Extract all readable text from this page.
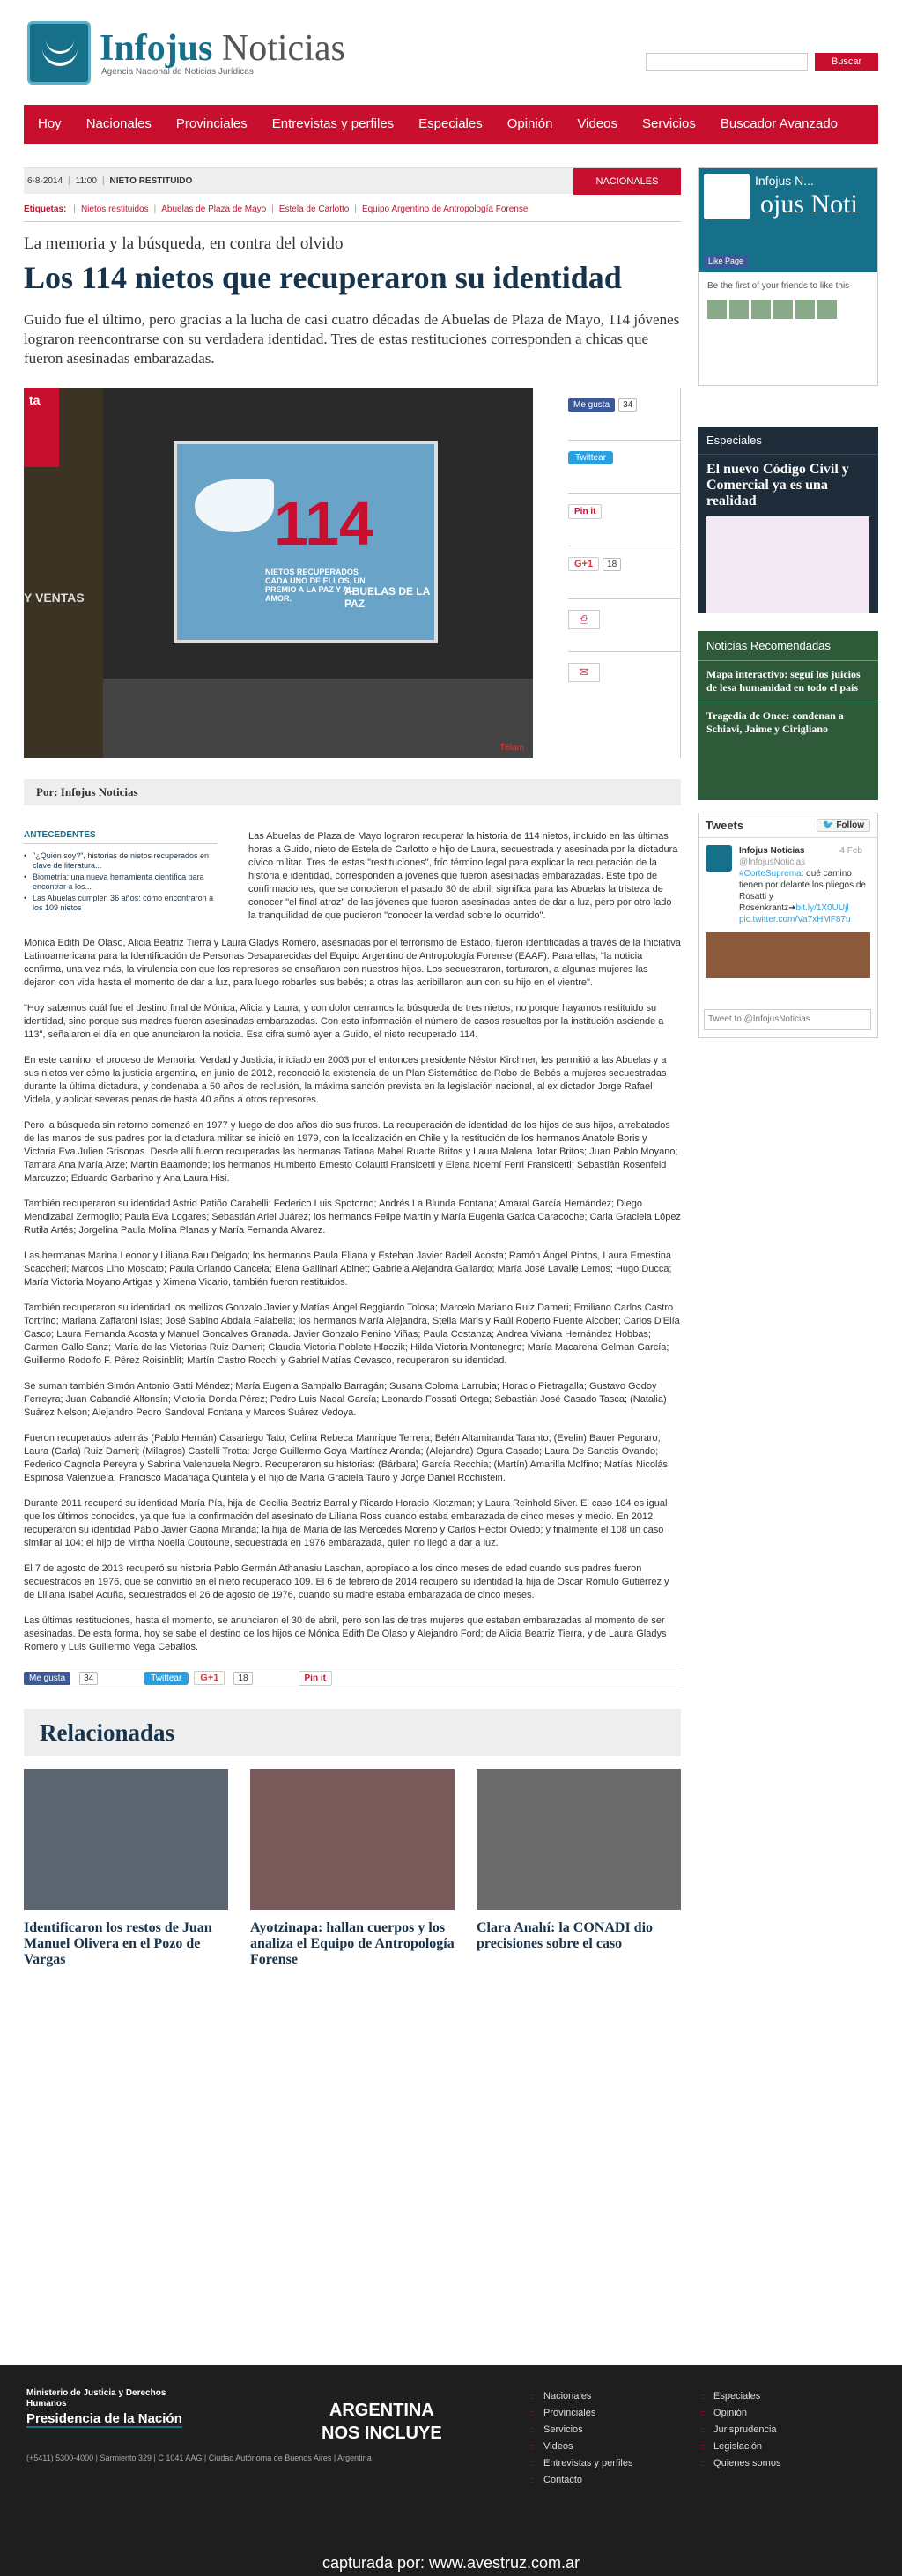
Infojus Noticias
Agencia Nacional de Noticias Jurídicas
Buscar
Hoy	Nacionales	Provinciales	Entrevistas y perfiles	Especiales	Opinión	Videos	Servicios	Buscador Avanzado
6-8-2014 | 11:00 | NIETO RESTITUIDO	NACIONALES
Etiquetas: | Nietos restituidos | Abuelas de Plaza de Mayo | Estela de Carlotto | Equipo Argentino de Antropología Forense
La memoria y la búsqueda, en contra del olvido
Los 114 nietos que recuperaron su identidad
Guido fue el último, pero gracias a la lucha de casi cuatro décadas de Abuelas de Plaza de Mayo, 114 jóvenes lograron reencontrarse con su verdadera identidad. Tres de estas restituciones corresponden a chicas que fueron asesinadas embarazadas.
ta
Y VENTAS
114
NIETOS RECUPERADOS CADA UNO DE ELLOS, UN PREMIO A LA PAZ Y AL AMOR.
ABUELAS DE LA PAZ
Télam
Me gusta 34
Twittear
Pin it
G+1 18
⎙
✉
Por: Infojus Noticias
ANTECEDENTES
• "¿Quién soy?", historias de nietos recuperados en clave de literatura...
• Biometría: una nueva herramienta científica para encontrar a los...
• Las Abuelas cumplen 36 años: cómo encontraron a los 109 nietos
Las Abuelas de Plaza de Mayo lograron recuperar la historia de 114 nietos, incluido en las últimas horas a Guido, nieto de Estela de Carlotto e hijo de Laura, secuestrada y asesinada por la dictadura cívico militar. Tres de estas "restituciones", frío término legal para explicar la recuperación de la historia e identidad, corresponden a jóvenes que fueron asesinadas embarazadas. Este tipo de confirmaciones, que se conocieron el pasado 30 de abril, significa para las Abuelas la tristeza de conocer "el final atroz" de las jóvenes que fueron asesinadas antes de dar a luz, pero por otro lado la tranquilidad de que pudieron "conocer la verdad sobre lo ocurrido".

Mónica Edith De Olaso, Alicia Beatriz Tierra y Laura Gladys Romero, asesinadas por el terrorismo de Estado, fueron identificadas a través de la Iniciativa Latinoamericana para la Identificación de Personas Desaparecidas del Equipo Argentino de Antropología Forense (EAAF). Para ellas, "la noticia confirma, una vez más, la virulencia con que los represores se ensañaron con nuestros hijos. Los secuestraron, torturaron, a algunas mujeres las dejaron con vida hasta el momento de dar a luz, para luego robarles sus bebés; a otras las acribillaron aun con su hijo en el vientre".

"Hoy sabemos cuál fue el destino final de Mónica, Alicia y Laura, y con dolor cerramos la búsqueda de tres nietos, no porque hayamos restituido su identidad, sino porque sus madres fueron asesinadas embarazadas. Con esta información el número de casos resueltos por la institución asciende a 113", señalaron el día en que anunciaron la noticia. Esa cifra sumó ayer a Guido, el nieto recuperado 114.

En este camino, el proceso de Memoria, Verdad y Justicia, iniciado en 2003 por el entonces presidente Néstor Kirchner, les permitió a las Abuelas y a sus nietos ver cómo la justicia argentina, en junio de 2012, reconoció la existencia de un Plan Sistemático de Robo de Bebés a mujeres secuestradas durante la última dictadura, y condenaba a 50 años de reclusión, la máxima sanción prevista en la legislación nacional, al ex dictador Jorge Rafael Videla, y aplicar severas penas de hasta 40 años a otros represores.

Pero la búsqueda sin retorno comenzó en 1977 y luego de dos años dio sus frutos. La recuperación de identidad de los hijos de sus hijos, arrebatados de las manos de sus padres por la dictadura militar se inició en 1979, con la localización en Chile y la restitución de los hermanos Anatole Boris y Victoria Eva Julien Grisonas. Desde allí fueron recuperadas las hermanas Tatiana Mabel Ruarte Britos y Laura Malena Jotar Britos; Juan Pablo Moyano; Tamara Ana María Arze; Martín Baamonde; los hermanos Humberto Ernesto Colautti Fransicetti y Elena Noemí Ferri Fransicetti; Sebastián Rosenfeld Marcuzzo; Eduardo Garbarino y Ana Laura Hisi.

También recuperaron su identidad Astrid Patiño Carabelli; Federico Luis Spotorno; Andrés La Blunda Fontana; Amaral García Hernández; Diego Mendizabal Zermoglio; Paula Eva Logares; Sebastián Ariel Juárez; los hermanos Felipe Martín y María Eugenia Gatica Caracoche; Carla Graciela López Rutila Artés; Jorgelina Paula Molina Planas y María Fernanda Alvarez.

Las hermanas Marina Leonor y Liliana Bau Delgado; los hermanos Paula Eliana y Esteban Javier Badell Acosta; Ramón Ángel Pintos, Laura Ernestina Scaccheri; Marcos Lino Moscato; Paula Orlando Cancela; Elena Gallinari Abinet; Gabriela Alejandra Gallardo; María José Lavalle Lemos; Hugo Ducca; María Victoria Moyano Artigas y Ximena Vicario, también fueron restituidos.

También recuperaron su identidad los mellizos Gonzalo Javier y Matías Ángel Reggiardo Tolosa; Marcelo Mariano Ruiz Dameri; Emiliano Carlos Castro Tortrino; Mariana Zaffaroni Islas; José Sabino Abdala Falabella; los hermanos María Alejandra, Stella Maris y Raúl Roberto Fuente Alcober; Carlos D'Elía Casco; Laura Fernanda Acosta y Manuel Goncalves Granada. Javier Gonzalo Penino Viñas; Paula Costanza; Andrea Viviana Hernández Hobbas; Carmen Gallo Sanz; María de las Victorias Ruiz Dameri; Claudia Victoria Poblete Hlaczik; Hilda Victoria Montenegro; María Macarena Gelman García; Guillermo Rodolfo F. Pérez Roisinblit; Martín Castro Rocchi y Gabriel Matías Cevasco, recuperaron su identidad.

Se suman también Simón Antonio Gatti Méndez; María Eugenia Sampallo Barragán; Susana Coloma Larrubia; Horacio Pietragalla; Gustavo Godoy Ferreyra; Juan Cabandié Alfonsín; Victoria Donda Pérez; Pedro Luis Nadal García; Leonardo Fossati Ortega; Sebastián José Casado Tasca; (Natalia) Suárez Nelson; Alejandro Pedro Sandoval Fontana y Marcos Suárez Vedoya.

Fueron recuperados además (Pablo Hernán) Casariego Tato; Celina Rebeca Manrique Terrera; Belén Altamiranda Taranto; (Evelin) Bauer Pegoraro; Laura (Carla) Ruiz Dameri; (Milagros) Castelli Trotta: Jorge Guillermo Goya Martínez Aranda; (Alejandra) Ogura Casado; Laura De Sanctis Ovando; Federico Cagnola Pereyra y Sabrina Valenzuela Negro. Recuperaron su historias: (Bárbara) García Recchia; (Martín) Amarilla Molfino; Matías Nicolás Espinosa Valenzuela; Francisco Madariaga Quintela y el hijo de María Graciela Tauro y Jorge Daniel Rochistein.

Durante 2011 recuperó su identidad María Pía, hija de Cecilia Beatriz Barral y Ricardo Horacio Klotzman; y Laura Reinhold Siver. El caso 104 es igual que los últimos conocidos, ya que fue la confirmación del asesinato de Liliana Ross cuando estaba embarazada de cinco meses y medio. En 2012 recuperaron su identidad Pablo Javier Gaona Miranda; la hija de María de las Mercedes Moreno y Carlos Héctor Oviedo; y finalmente el 108 un caso similar al 104: el hijo de Mirtha Noelia Coutoune, secuestrada en 1976 embarazada, quien no llegó a dar a luz.

El 7 de agosto de 2013 recuperó su historia Pablo Germán Athanasiu Laschan, apropiado a los cinco meses de edad cuando sus padres fueron secuestrados en 1976, que se convirtió en el nieto recuperado 109. El 6 de febrero de 2014 recuperó su identidad la hija de Oscar Rómulo Gutiérrez y de Liliana Isabel Acuña, secuestrados el 26 de agosto de 1976, cuando su madre estaba embarazada de cinco meses.

Las últimas restituciones, hasta el momento, se anunciaron el 30 de abril, pero son las de tres mujeres que estaban embarazadas al momento de ser asesinadas. De esta forma, hoy se sabe el destino de los hijos de Mónica Edith De Olaso y Alejandro Ford; de Alicia Beatriz Tierra, y de Laura Gladys Romero y Luis Guillermo Vega Ceballos.

Me gusta	34	Twittear	G+1	18	Pin it
Relacionadas
Identificaron los restos de Juan Manuel Olivera en el Pozo de Vargas
Ayotzinapa: hallan cuerpos y los analiza el Equipo de Antropología Forense
Clara Anahí: la CONADI dio precisiones sobre el caso
Infojus N...
ojus Noti
Like Page
Be the first of your friends to like this
Especiales
El nuevo Código Civil y Comercial ya es una realidad
Noticias Recomendadas
Mapa interactivo: seguí los juicios de lesa humanidad en todo el país
Tragedia de Once: condenan a Schiavi, Jaime y Cirigliano
Tweets	🐦 Follow
Infojus Noticias	4 Feb
@InfojusNoticias
#CorteSuprema: qué camino tienen por delante los pliegos de Rosatti y Rosenkrantz➜bit.ly/1X0UUjl pic.twitter.com/Va7xHMF87u
Tweet to @InfojusNoticias
Ministerio de Justicia y Derechos Humanos
Presidencia de la Nación	ARGENTINA
NOS INCLUYE
(+5411) 5300-4000 | Sarmiento 329 | C 1041 AAG | Ciudad Autónoma de Buenos Aires | Argentina
:: Nacionales
:: Provinciales
:: Servicios
:: Videos
:: Entrevistas y perfiles
:: Contacto
:: Especiales
:: Opinión
:: Jurisprudencia
:: Legislación
:: Quienes somos
capturada por: www.avestruz.com.ar
